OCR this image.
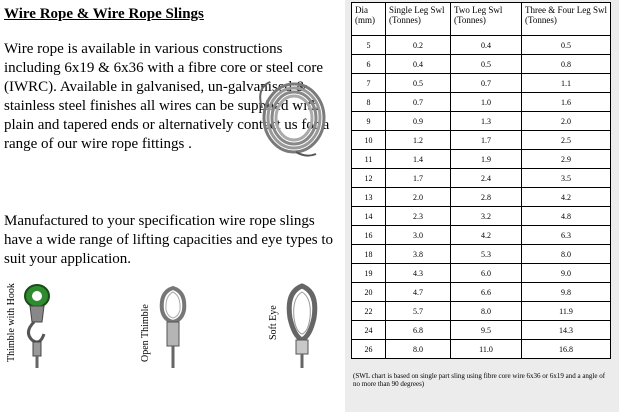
Wire Rope & Wire Rope Slings
Wire rope is available in various constructions including 6x19 & 6x36 with a fibre core or steel core (IWRC). Available in galvanised, un-galvanised & stainless steel finishes all wires can be supplied with plain and tapered ends or alternatively contact us for a range of our wire rope fittings .
Manufactured to your specification wire rope slings have a wide range of lifting capacities and eye types to suit your application.
Thimble with Hook	Open Thimble	Soft Eye
Dia (mm)	Single Leg Swl (Tonnes)	Two Leg Swl (Tonnes)	Three & Four Leg Swl (Tonnes)
5	0.2	0.4	0.5
6	0.4	0.5	0.8
7	0.5	0.7	1.1
8	0.7	1.0	1.6
9	0.9	1.3	2.0
10	1.2	1.7	2.5
11	1.4	1.9	2.9
12	1.7	2.4	3.5
13	2.0	2.8	4.2
14	2.3	3.2	4.8
16	3.0	4.2	6.3
18	3.8	5.3	8.0
19	4.3	6.0	9.0
20	4.7	6.6	9.8
22	5.7	8.0	11.9
24	6.8	9.5	14.3
26	8.0	11.0	16.8
(SWL chart is based on single part sling using fibre core wire 6x36 or 6x19 and a angle of no more than 90 degrees)
